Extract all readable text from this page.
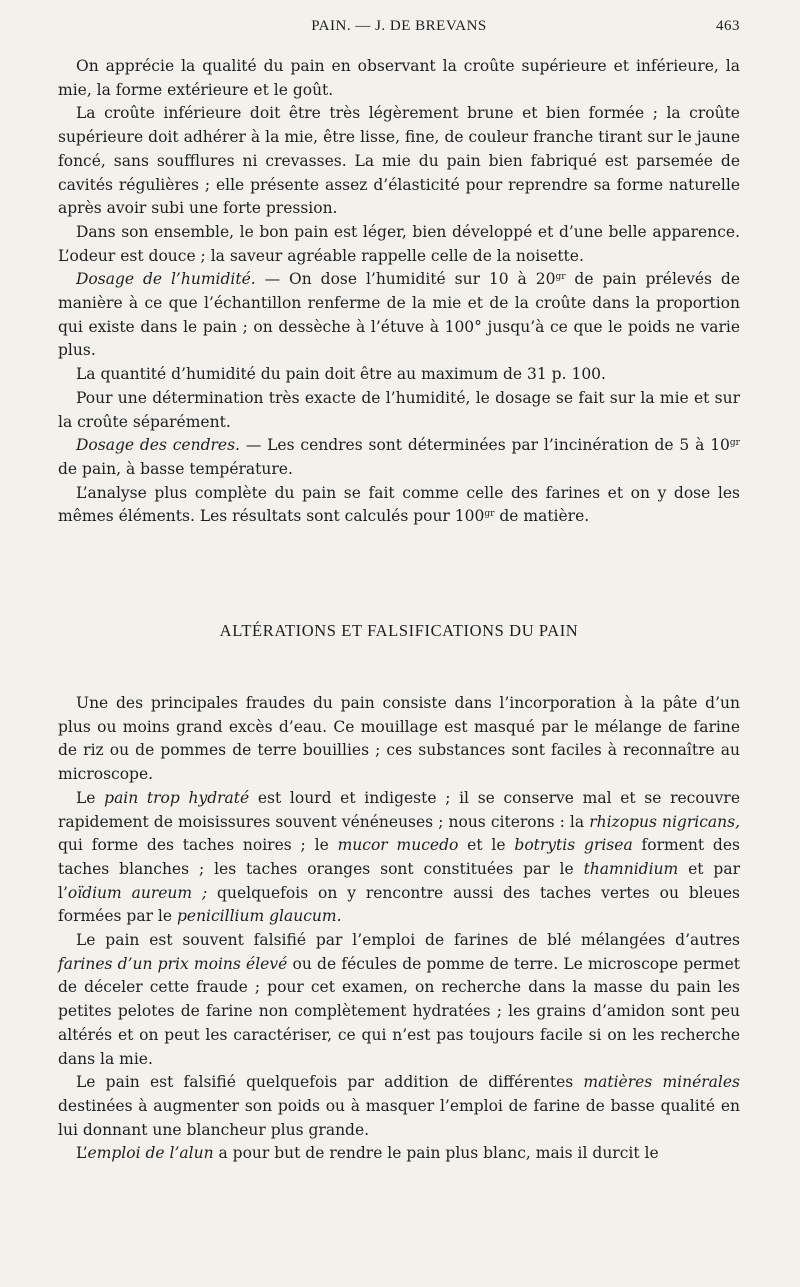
PAIN. — J. DE BREVANS	463

On apprécie la qualité du pain en observant la croûte supérieure et inférieure, la mie, la forme extérieure et le goût.

La croûte inférieure doit être très légèrement brune et bien formée ; la croûte supérieure doit adhérer à la mie, être lisse, fine, de couleur franche tirant sur le jaune foncé, sans soufflures ni crevasses. La mie du pain bien fabriqué est parsemée de cavités régulières ; elle présente assez d’élasticité pour reprendre sa forme naturelle après avoir subi une forte pression.

Dans son ensemble, le bon pain est léger, bien développé et d’une belle apparence. L’odeur est douce ; la saveur agréable rappelle celle de la noisette.

Dosage de l’humidité. — On dose l’humidité sur 10 à $20^{gr}$ de pain prélevés de manière à ce que l’échantillon renferme de la mie et de la croûte dans la proportion qui existe dans le pain ; on dessèche à l’étuve à 100° jusqu’à ce que le poids ne varie plus.

La quantité d’humidité du pain doit être au maximum de 31 p. 100.

Pour une détermination très exacte de l’humidité, le dosage se fait sur la mie et sur la croûte séparément.

Dosage des cendres. — Les cendres sont déterminées par l’incinération de 5 à $10^{gr}$ de pain, à basse température.

L’analyse plus complète du pain se fait comme celle des farines et on y dose les mêmes éléments. Les résultats sont calculés pour $100^{gr}$ de matière.

ALTÉRATIONS ET FALSIFICATIONS DU PAIN

Une des principales fraudes du pain consiste dans l’incorporation à la pâte d’un plus ou moins grand excès d’eau. Ce mouillage est masqué par le mélange de farine de riz ou de pommes de terre bouillies ; ces substances sont faciles à reconnaître au microscope.

Le pain trop hydraté est lourd et indigeste ; il se conserve mal et se recouvre rapidement de moisissures souvent vénéneuses ; nous citerons : la rhizopus nigricans, qui forme des taches noires ; le mucor mucedo et le botrytis grisea forment des taches blanches ; les taches oranges sont constituées par le thamnidium et par l’oïdium aureum ; quelquefois on y rencontre aussi des taches vertes ou bleues formées par le penicillium glaucum.

Le pain est souvent falsifié par l’emploi de farines de blé mélangées d’autres farines d’un prix moins élevé ou de fécules de pomme de terre. Le microscope permet de déceler cette fraude ; pour cet examen, on recherche dans la masse du pain les petites pelotes de farine non complètement hydratées ; les grains d’amidon sont peu altérés et on peut les caractériser, ce qui n’est pas toujours facile si on les recherche dans la mie.

Le pain est falsifié quelquefois par addition de différentes matières minérales destinées à augmenter son poids ou à masquer l’emploi de farine de basse qualité en lui donnant une blancheur plus grande.

L’emploi de l’alun a pour but de rendre le pain plus blanc, mais il durcit le
